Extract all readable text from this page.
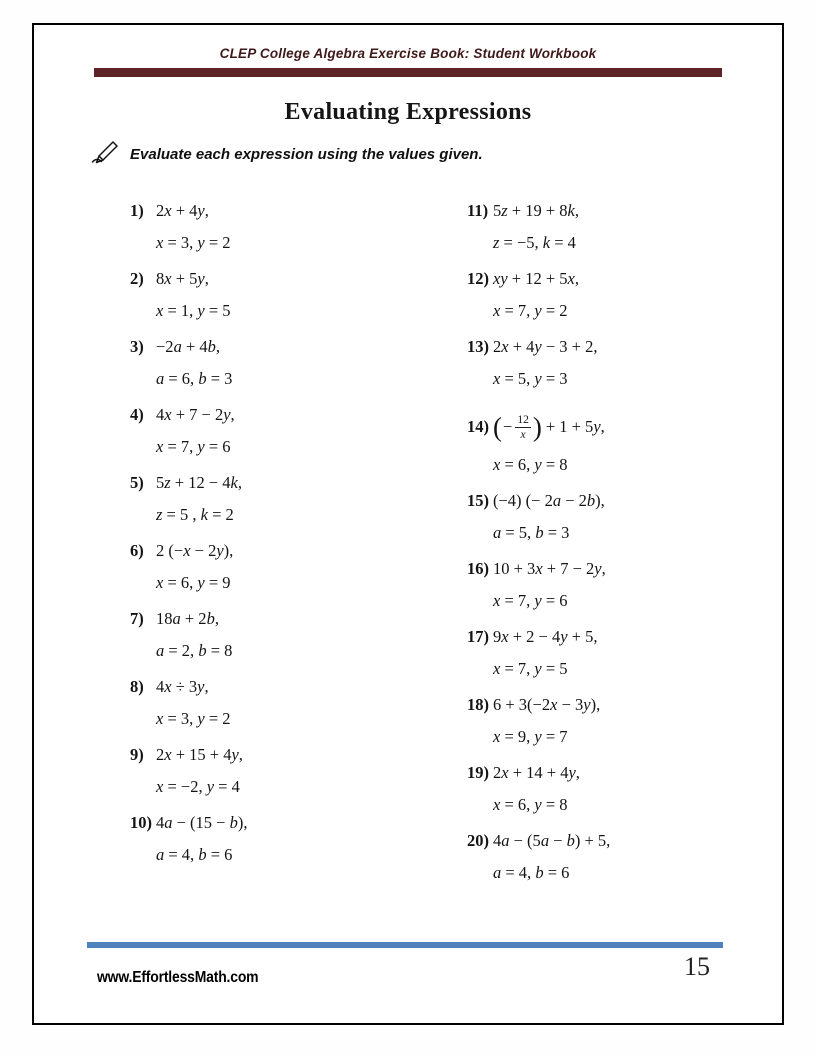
CLEP College Algebra Exercise Book: Student Workbook
Evaluating Expressions
Evaluate each expression using the values given.
1) 2x + 4y,
x = 3, y = 2
2) 8x + 5y,
x = 1, y = 5
3) −2a + 4b,
a = 6, b = 3
4) 4x + 7 − 2y,
x = 7, y = 6
5) 5z + 12 − 4k,
z = 5 , k = 2
6) 2 (−x − 2y),
x = 6, y = 9
7) 18a + 2b,
a = 2, b = 8
8) 4x ÷ 3y,
x = 3, y = 2
9) 2x + 15 + 4y,
x = −2, y = 4
10) 4a − (15 − b),
a = 4, b = 6
11) 5z + 19 + 8k,
z = −5, k = 4
12) xy + 12 + 5x,
x = 7, y = 2
13) 2x + 4y − 3 + 2,
x = 5, y = 3
14) ( − $\frac{12}{x}$ ) + 1 + 5y,
x = 6, y = 8
15) (−4) (− 2a − 2b),
a = 5, b = 3
16) 10 + 3x + 7 − 2y,
x = 7, y = 6
17) 9x + 2 − 4y + 5,
x = 7, y = 5
18) 6 + 3(−2x − 3y),
x = 9, y = 7
19) 2x + 14 + 4y,
x = 6, y = 8
20) 4a − (5a − b) + 5,
a = 4, b = 6
www.EffortlessMath.com	15
